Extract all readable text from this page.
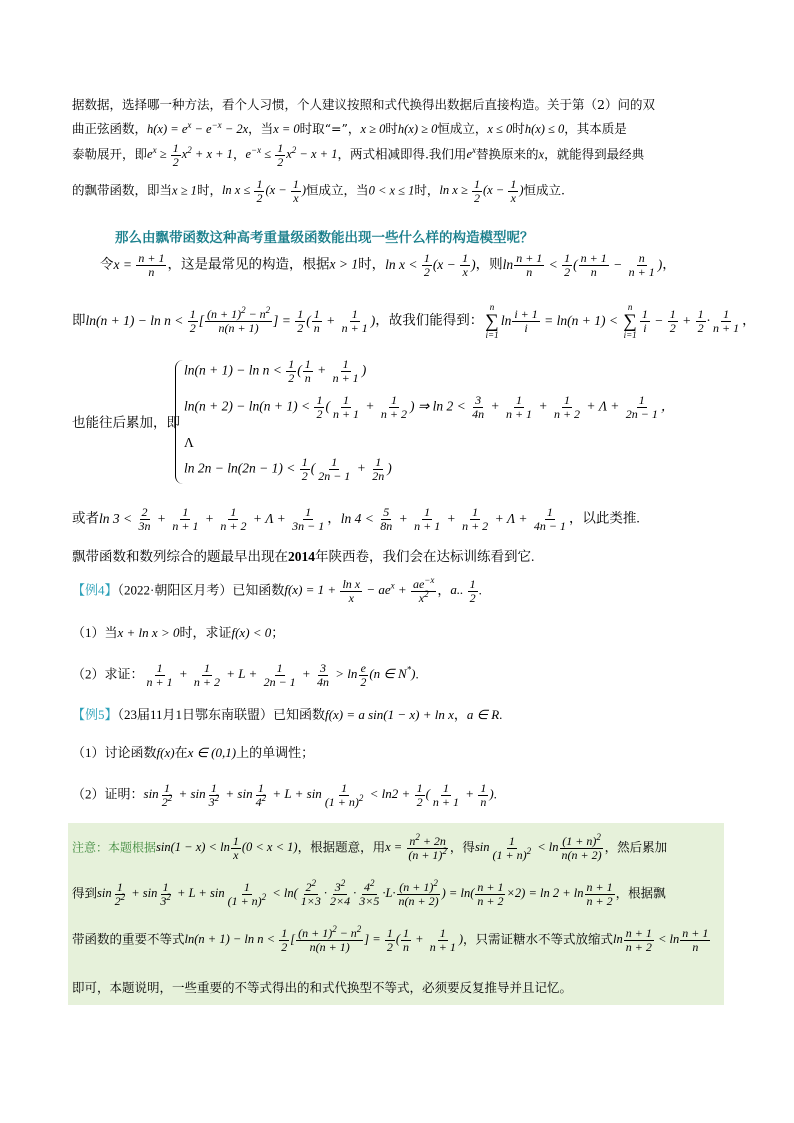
据数据，选择哪一种方法，看个人习惯，个人建议按照和式代换得出数据后直接构造。关于第（2）问的双

曲正弦函数，$h(x) = e^x - e^{-x} - 2x$，当x = 0时取“=”，x ≥ 0时h(x) ≥ 0恒成立，x ≤ 0时h(x) ≤ 0，其本质是

泰勒展开，即$e^x \ge \frac{1}{2} x^2 + x + 1$，$e^{-x} \le \frac{1}{2} x^2 - x + 1$，两式相减即得.我们用$e^x$替换原来的x，就能得到最经典

的飘带函数，即当x ≥ 1时，$\ln x \le \frac{1}{2} (x - \frac{1}{x}$ )恒成立，当0 < x ≤ 1时，$\ln x \ge \frac{1}{2} (x - \frac{1}{x}$ )恒成立.

那么由飘带函数这种高考重量级函数能出现一些什么样的构造模型呢？

令$x = \frac{n + 1}{n}$ ，这是最常见的构造，根据x > 1时，$\ln x < \frac{1}{2} (x - \frac{1}{x}$ )，则$\ln \frac{n + 1}{n} < \frac{1}{2}$ ( $\frac{n + 1}{n} - \frac{n}{n + 1}$ )，

即$\ln(n + 1) - \ln n < \frac{1}{2}$ [ $\frac{(n + 1)^2 - n^2}{n(n + 1)}$ ] = $\frac{1}{2}$ ( $\frac{1}{n} + \frac{1}{n + 1}$ )，故我们能得到：
n
∑
i=1
$\ln \frac{i + 1}{i} = \ln(n + 1)$ <
n
∑
$i=1 \frac{1}{i} - \frac{1}{2} + \frac{1}{2} \cdot \frac{1}{n + 1}$ ，

也能往后累加，即
$\ln(n + 1) - \ln n < \frac{1}{2}$ ( $\frac{1}{n} + \frac{1}{n + 1}$ )
$\ln(n + 2) - \ln(n + 1) < \frac{1}{2}$ ( $\frac{1}{n + 1} + \frac{1}{n + 2}$ ) ⇒ $\ln 2 < \frac{3}{4n} + \frac{1}{n + 1} + \frac{1}{n + 2} + \Lambda + \frac{1}{2n - 1}$ ，
Λ
$\ln 2n - \ln(2n - 1) < \frac{1}{2}$ ( $\frac{1}{2n - 1} + \frac{1}{2n}$ )

或者$\ln 3 < \frac{2}{3n} + \frac{1}{n + 1} + \frac{1}{n + 2} + \Lambda + \frac{1}{3n - 1}$ ，$\ln 4 < \frac{5}{8n} + \frac{1}{n + 1} + \frac{1}{n + 2} + \Lambda + \frac{1}{4n - 1}$ ，以此类推.

飘带函数和数列综合的题最早出现在2014年陕西卷，我们会在达标训练看到它.

【例4】（2022·朝阳区月考）已知函数$f(x) = 1 + \frac{\text{ln x}}{x} - ae^x + \frac{ae^{-x}}{x^2}$ ，a.. $\frac{1}{2}$ .

（1）当x + ln x > 0时，求证f(x) < 0；

（2）求证： $\frac{1}{n + 1} + \frac{1}{n + 2} + L + \frac{1}{2n - 1} + \frac{3}{4n} > \ln \frac{e}{2} (n$ ∈ N*).

【例5】（23届11月1日鄂东南联盟）已知函数f(x) = a sin(1 − x) + ln x，a ∈ R.

（1）讨论函数f(x)在x ∈ (0,1)上的单调性；

（2）证明：$\sin \frac{1}{2^2} + \sin \frac{1}{3^2} + \sin \frac{1}{4^2} + L + \sin \frac{1}{(1 + n)^2} < \ln 2 + \frac{1}{2}$ ( $\frac{1}{n + 1} + \frac{1}{n}$ ).

注意：本题根据$\sin(1 - x) < \ln \frac{1}{x} (0 < x < 1)$，根据题意，用$x = \frac{n^2 + 2n}{(n + 1)^2}$ ，得$\sin \frac{1}{(1 + n)^2} < \ln \frac{(1 + n)^2}{n(n + 2)}$ ，然后累加

得到$\sin \frac{1}{2^2} + \sin \frac{1}{3^2} + L + \sin \frac{1}{(1 + n)^2} < \ln( \frac{2^2}{1\times 3} \cdot \frac{3^2}{2\times 4} \cdot \frac{4^2}{3\times 5} \cdot L\cdot \frac{(n + 1)^2}{n(n + 2)}$ ) = $\ln( \frac{n + 1}{n + 2} \times 2) = \ln 2 + \ln \frac{n + 1}{n + 2}$ ，根据飘

带函数的重要不等式$\ln(n + 1) - \ln n < \frac{1}{2}$ [ $\frac{(n + 1)^2 - n^2}{n(n + 1)}$ ] = $\frac{1}{2}$ ( $\frac{1}{n} + \frac{1}{n + 1}$ )，只需证糖水不等式放缩式$\ln \frac{n + 1}{n + 2} < \ln \frac{n + 1}{n}$

即可，本题说明，一些重要的不等式得出的和式代换型不等式，必须要反复推导并且记忆。
